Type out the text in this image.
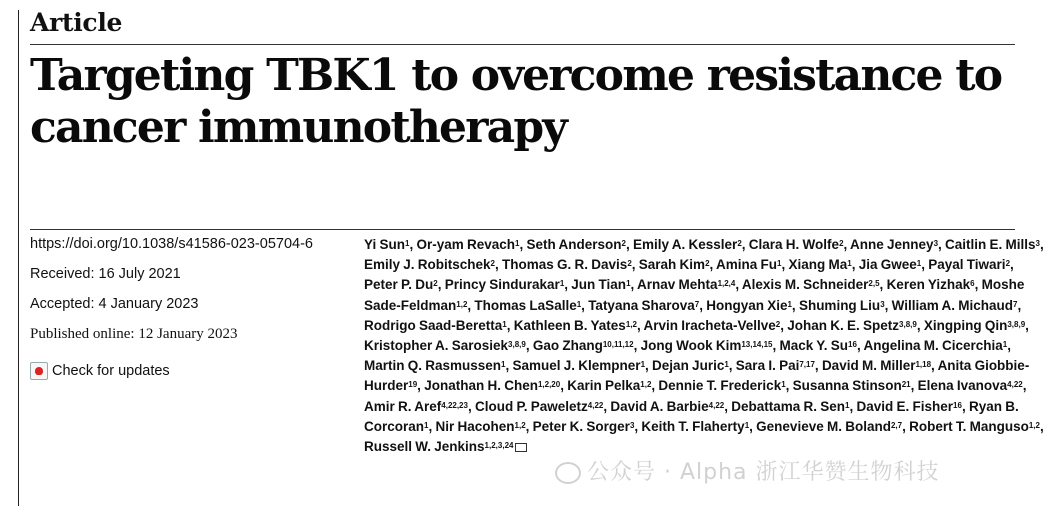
Article
Targeting TBK1 to overcome resistance to cancer immunotherapy
https://doi.org/10.1038/s41586-023-05704-6
Received: 16 July 2021
Accepted: 4 January 2023
Published online: 12 January 2023
Check for updates
Yi Sun$^1$, Or-yam Revach$^1$, Seth Anderson$^2$, Emily A. Kessler$^2$, Clara H. Wolfe$^2$, Anne Jenney$^3$, Caitlin E. Mills$^3$, Emily J. Robitschek$^2$, Thomas G. R. Davis$^2$, Sarah Kim$^2$, Amina Fu$^1$, Xiang Ma$^1$, Jia Gwee$^1$, Payal Tiwari$^2$, Peter P. Du$^2$, Princy Sindurakar$^1$, Jun Tian$^1$, Arnav Mehta$^{1,2,4}$, Alexis M. Schneider$^{2,5}$, Keren Yizhak$^6$, Moshe Sade-Feldman$^{1,2}$, Thomas LaSalle$^1$, Tatyana Sharova$^7$, Hongyan Xie$^1$, Shuming Liu$^3$, William A. Michaud$^7$, Rodrigo Saad-Beretta$^1$, Kathleen B. Yates$^{1,2}$, Arvin Iracheta-Vellve$^2$, Johan K. E. Spetz$^{3,8,9}$, Xingping Qin$^{3,8,9}$, Kristopher A. Sarosiek$^{3,8,9}$, Gao Zhang$^{10,11,12}$, Jong Wook Kim$^{13,14,15}$, Mack Y. Su$^{16}$, Angelina M. Cicerchia$^1$, Martin Q. Rasmussen$^1$, Samuel J. Klempner$^1$, Dejan Juric$^1$, Sara I. Pai$^{7,17}$, David M. Miller$^{1,18}$, Anita Giobbie-Hurder$^{19}$, Jonathan H. Chen$^{1,2,20}$, Karin Pelka$^{1,2}$, Dennie T. Frederick$^1$, Susanna Stinson$^{21}$, Elena Ivanova$^{4,22}$, Amir R. Aref$^{4,22,23}$, Cloud P. Paweletz$^{4,22}$, David A. Barbie$^{4,22}$, Debattama R. Sen$^1$, David E. Fisher$^{16}$, Ryan B. Corcoran$^1$, Nir Hacohen$^{1,2}$, Peter K. Sorger$^3$, Keith T. Flaherty$^1$, Genevieve M. Boland$^{2,7}$, Robert T. Manguso$^{1,2}$, Russell W. Jenkins$^{1,2,3,24}$
公众号 · Alpha 浙江华赞生物科技
